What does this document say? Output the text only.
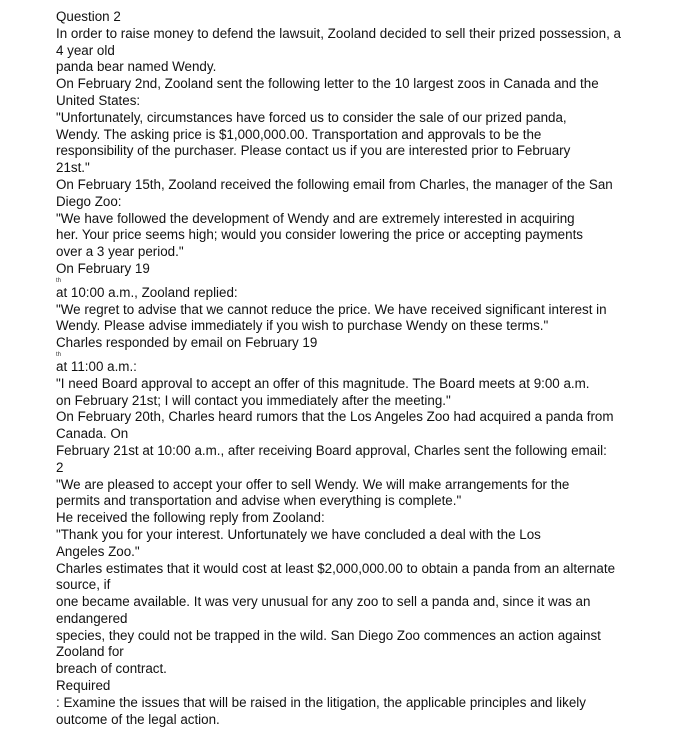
Question 2
In order to raise money to defend the lawsuit, Zooland decided to sell their prized possession, a
4 year old
panda bear named Wendy.
On February 2nd, Zooland sent the following letter to the 10 largest zoos in Canada and the
United States:
"Unfortunately, circumstances have forced us to consider the sale of our prized panda,
Wendy. The asking price is $1,000,000.00. Transportation and approvals to be the
responsibility of the purchaser. Please contact us if you are interested prior to February
21st."
On February 15th, Zooland received the following email from Charles, the manager of the San
Diego Zoo:
"We have followed the development of Wendy and are extremely interested in acquiring
her. Your price seems high; would you consider lowering the price or accepting payments
over a 3 year period."
On February 19
th
at 10:00 a.m., Zooland replied:
"We regret to advise that we cannot reduce the price. We have received significant interest in
Wendy. Please advise immediately if you wish to purchase Wendy on these terms."
Charles responded by email on February 19
th
at 11:00 a.m.:
"I need Board approval to accept an offer of this magnitude. The Board meets at 9:00 a.m.
on February 21st; I will contact you immediately after the meeting."
On February 20th, Charles heard rumors that the Los Angeles Zoo had acquired a panda from
Canada. On
February 21st at 10:00 a.m., after receiving Board approval, Charles sent the following email:
2
"We are pleased to accept your offer to sell Wendy. We will make arrangements for the
permits and transportation and advise when everything is complete."
He received the following reply from Zooland:
"Thank you for your interest. Unfortunately we have concluded a deal with the Los
Angeles Zoo."
Charles estimates that it would cost at least $2,000,000.00 to obtain a panda from an alternate
source, if
one became available. It was very unusual for any zoo to sell a panda and, since it was an
endangered
species, they could not be trapped in the wild. San Diego Zoo commences an action against
Zooland for
breach of contract.
Required
: Examine the issues that will be raised in the litigation, the applicable principles and likely
outcome of the legal action.
